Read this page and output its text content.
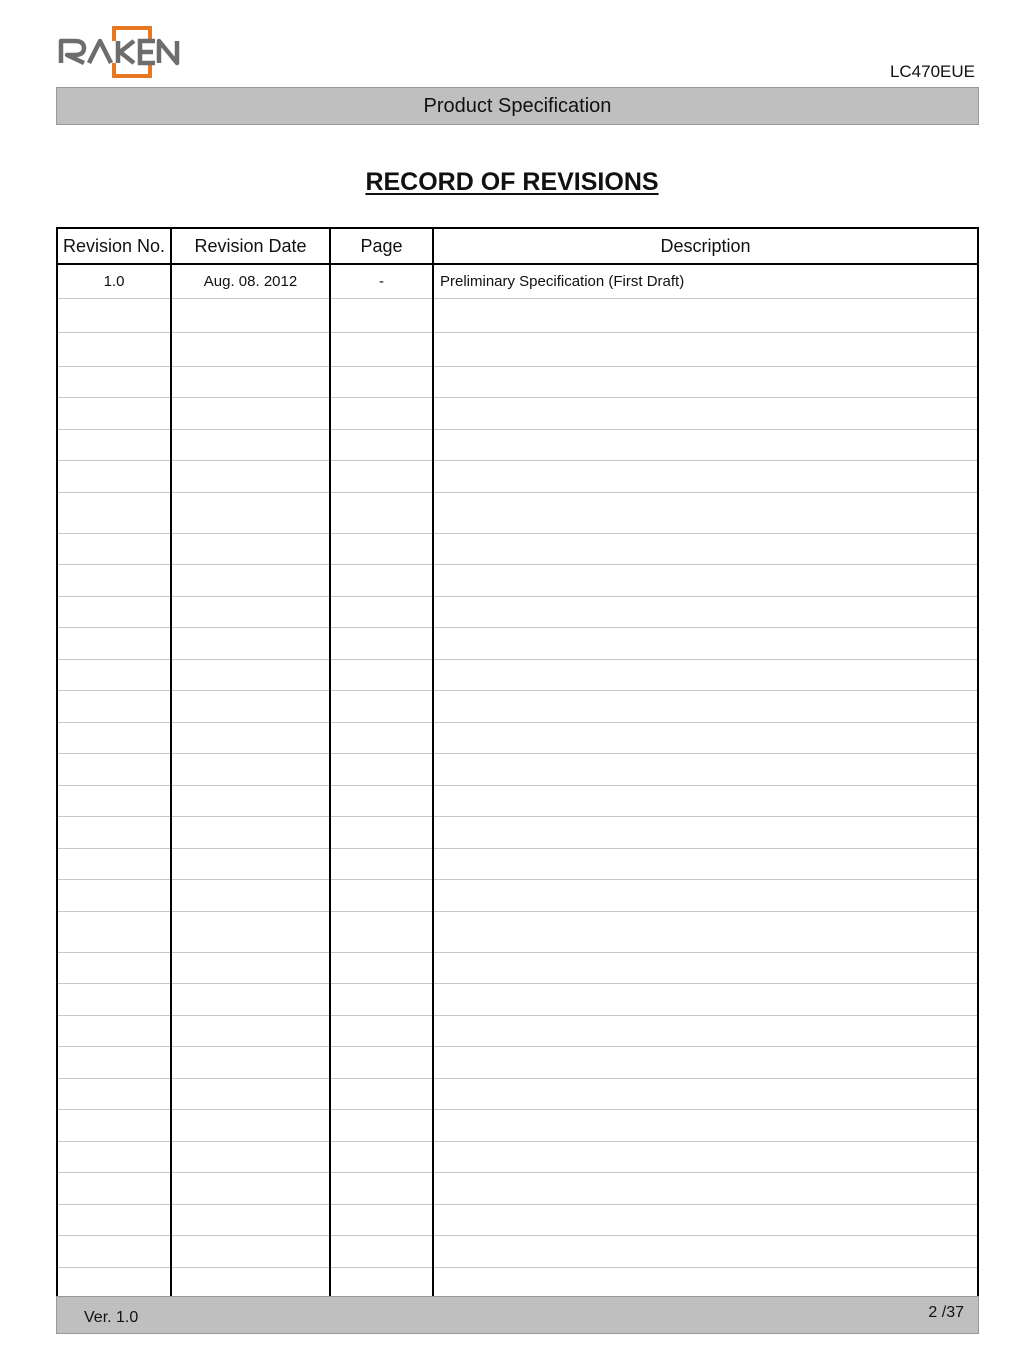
LC470EUE
Product Specification
RECORD OF REVISIONS
Revision No.	Revision Date	Page	Description
1.0	Aug. 08. 2012	-	Preliminary Specification (First Draft)

Ver. 1.0	2 /37
